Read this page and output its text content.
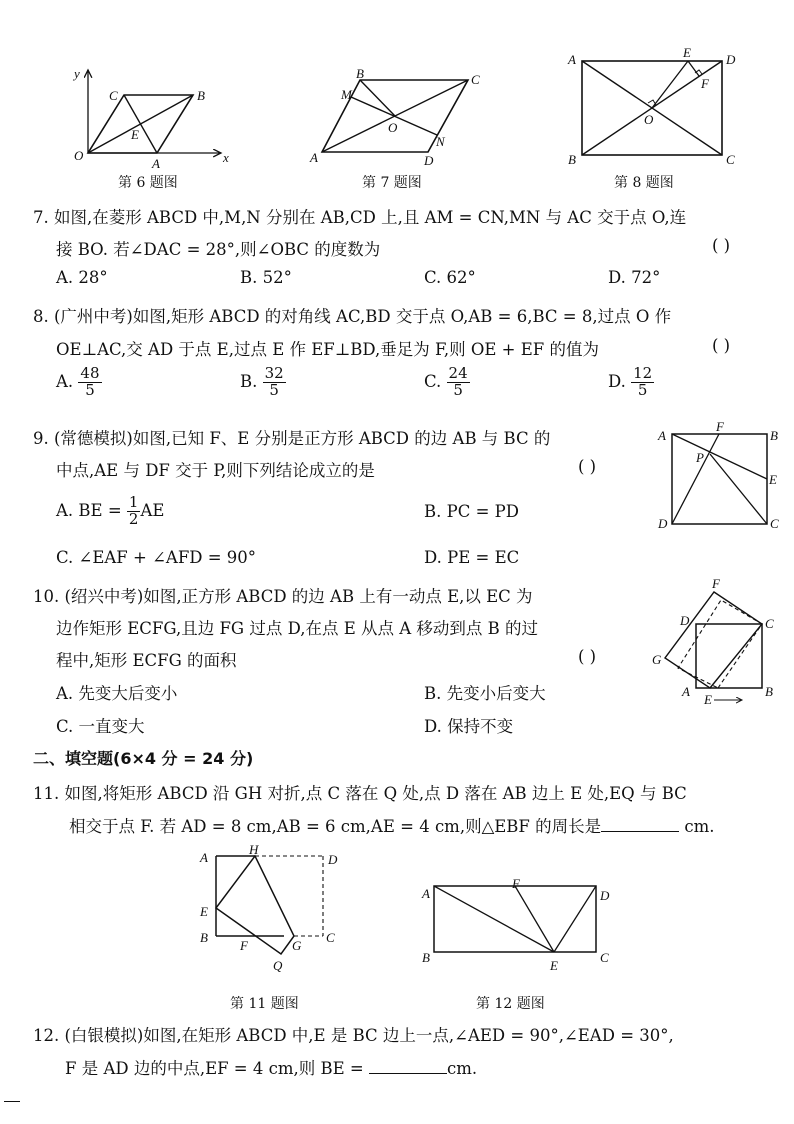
y
x
O
A
B
C
E
第 6 题图
A
B	C
D
M
N
O
第 7 题图
A	D
B	C
E
F
O
第 8 题图
7. 如图,在菱形 ABCD 中,M,N 分别在 AB,CD 上,且 AM = CN,MN 与 AC 交于点 O,连
接 BO. 若∠DAC = 28°,则∠OBC 的度数为	( )
A. 28°	B. 52°	C. 62°	D. 72°
8. (广州中考)如图,矩形 ABCD 的对角线 AC,BD 交于点 O,AB = 6,BC = 8,过点 O 作
OE⊥AC,交 AD 于点 E,过点 E 作 EF⊥BD,垂足为 F,则 OE + EF 的值为	( )
A. $\frac{48}{5}$	B. $\frac{32}{5}$	C. $\frac{24}{5}$	D. $\frac{12}{5}$
9. (常德模拟)如图,已知 F、E 分别是正方形 ABCD 的边 AB 与 BC 的
中点,AE 与 DF 交于 P,则下列结论成立的是	( )
A. BE = $\frac{1}{2}$ AE	B. PC = PD
C. ∠EAF + ∠AFD = 90°	D. PE = EC
A
F
B
P
E
D	C
10. (绍兴中考)如图,正方形 ABCD 的边 AB 上有一动点 E,以 EC 为
边作矩形 ECFG,且边 FG 过点 D,在点 E 从点 A 移动到点 B 的过
程中,矩形 ECFG 的面积	( )
A. 先变大后变小	B. 先变小后变大
C. 一直变大	D. 保持不变
F
D	C
G
A
E
B
二、填空题(6×4 分 = 24 分)
11. 如图,将矩形 ABCD 沿 GH 对折,点 C 落在 Q 处,点 D 落在 AB 边上 E 处,EQ 与 BC
相交于点 F. 若 AD = 8 cm,AB = 6 cm,AE = 4 cm,则△EBF 的周长是	cm.
A
H
D
E
B
F	G
C
Q
第 11 题图
A
F
D
B
E
C
第 12 题图
12. (白银模拟)如图,在矩形 ABCD 中,E 是 BC 边上一点,∠AED = 90°,∠EAD = 30°,
F 是 AD 边的中点,EF = 4 cm,则 BE =	cm.
